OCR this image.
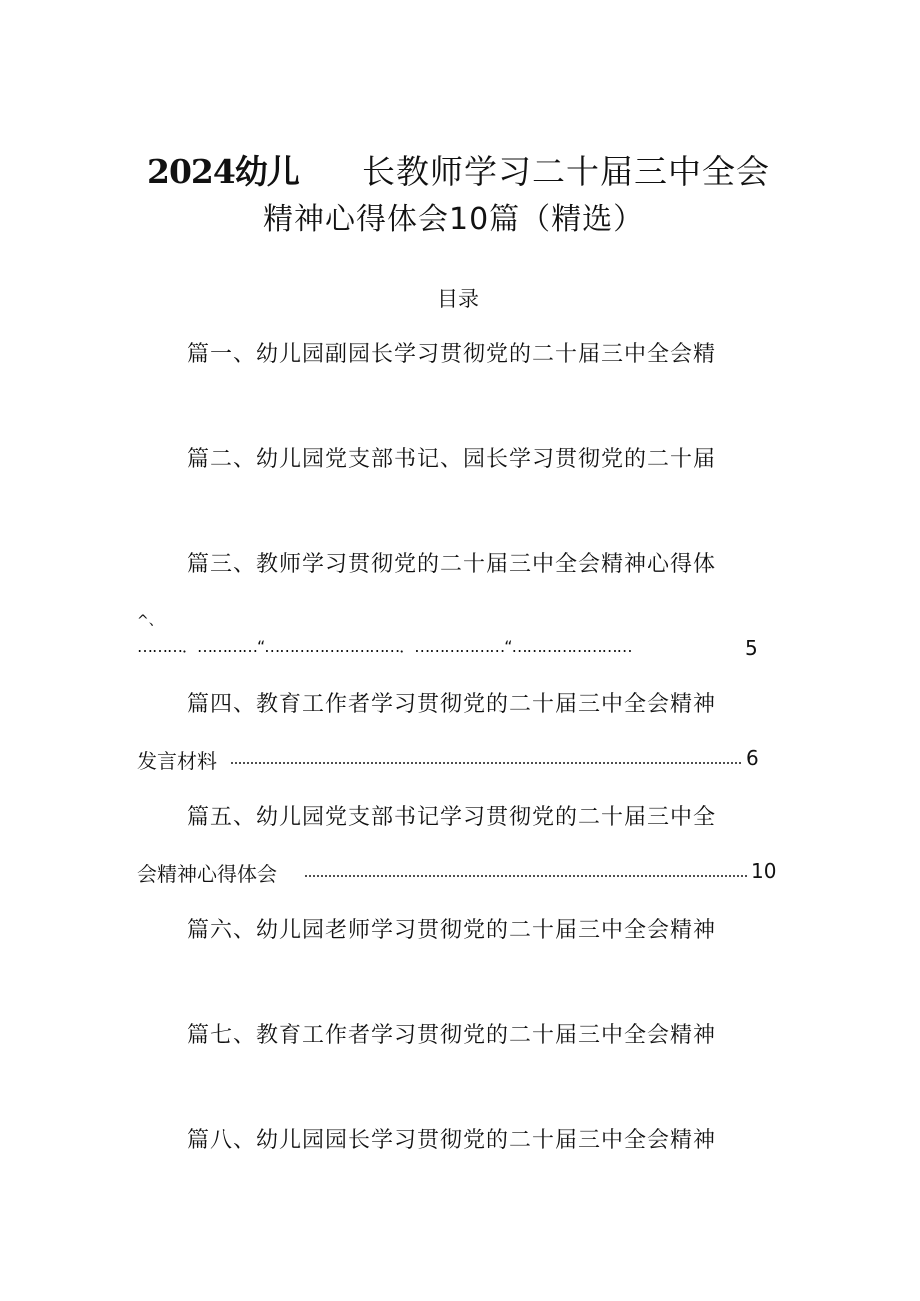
2024幼儿 长教师学习二十届三中全会
精神心得体会10篇（精选）
目录
篇一、幼儿园副园长学习贯彻党的二十届三中全会精
篇二、幼儿园党支部书记、园长学习贯彻党的二十届
篇三、教师学习贯彻党的二十届三中全会精神心得体
^、
………．…………“………………………．………………“……………………	5
篇四、教育工作者学习贯彻党的二十届三中全会精神
发言材料	6
篇五、幼儿园党支部书记学习贯彻党的二十届三中全
会精神心得体会	10
篇六、幼儿园老师学习贯彻党的二十届三中全会精神
篇七、教育工作者学习贯彻党的二十届三中全会精神
篇八、幼儿园园长学习贯彻党的二十届三中全会精神
